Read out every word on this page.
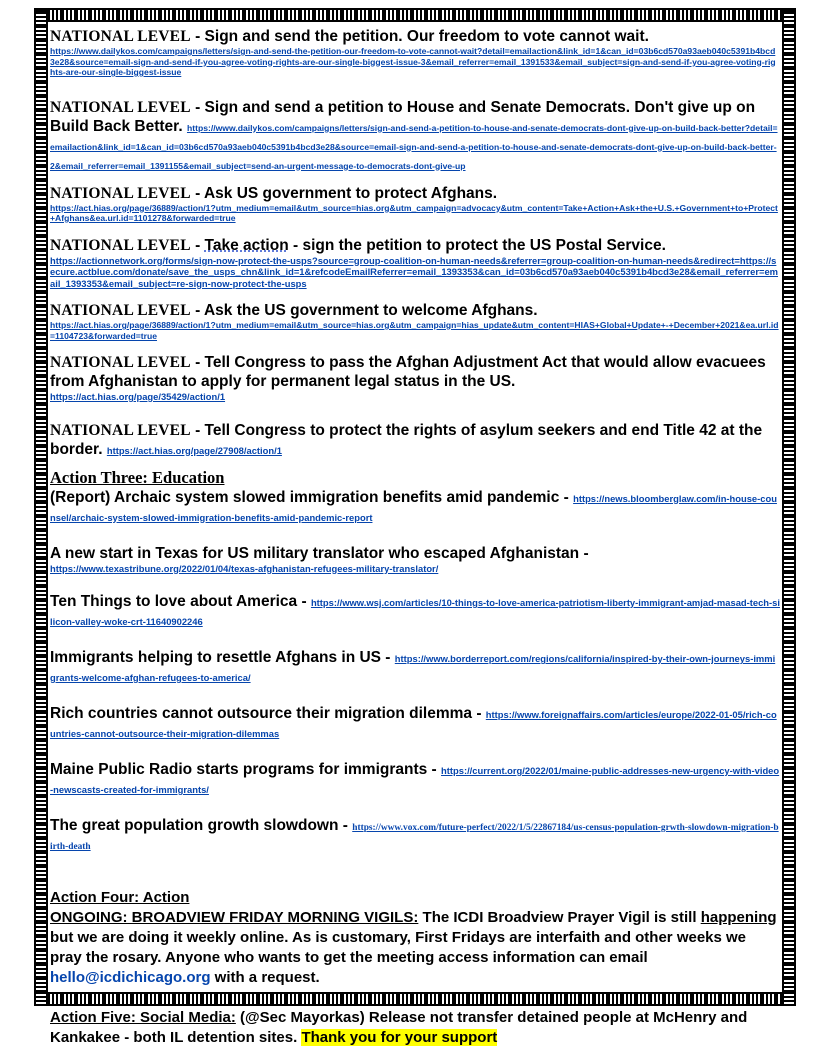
NATIONAL LEVEL - Sign and send the petition. Our freedom to vote cannot wait.
https://www.dailykos.com/campaigns/letters/sign-and-send-the-petition-our-freedom-to-vote-cannot-wait?detail=emailaction&link_id=1&can_id=03b6cd570a93aeb040c5391b4bcd3e28&source=email-sign-and-send-if-you-agree-voting-rights-are-our-single-biggest-issue-3&email_referrer=email_1391533&email_subject=sign-and-send-if-you-agree-voting-rights-are-our-single-biggest-issue
NATIONAL LEVEL - Sign and send a petition to House and Senate Democrats. Don't give up on Build Back Better. https://www.dailykos.com/campaigns/letters/sign-and-send-a-petition-to-house-and-senate-democrats-dont-give-up-on-build-back-better?detail=emailaction&link_id=1&can_id=03b6cd570a93aeb040c5391b4bcd3e28&source=email-sign-and-send-a-petition-to-house-and-senate-democrats-dont-give-up-on-build-back-better-2&email_referrer=email_1391155&email_subject=send-an-urgent-message-to-democrats-dont-give-up
NATIONAL LEVEL - Ask US government to protect Afghans.
https://act.hias.org/page/36889/action/1?utm_medium=email&utm_source=hias.org&utm_campaign=advocacy&utm_content=Take+Action+Ask+the+U.S.+Government+to+Protect+Afghans&ea.url.id=1101278&forwarded=true
NATIONAL LEVEL - Take action - sign the petition to protect the US Postal Service.
https://actionnetwork.org/forms/sign-now-protect-the-usps?source=group-coalition-on-human-needs&referrer=group-coalition-on-human-needs&redirect=https://secure.actblue.com/donate/save_the_usps_chn&link_id=1&refcodeEmailReferrer=email_1393353&can_id=03b6cd570a93aeb040c5391b4bcd3e28&email_referrer=email_1393353&email_subject=re-sign-now-protect-the-usps
NATIONAL LEVEL - Ask the US government to welcome Afghans.
https://act.hias.org/page/36889/action/1?utm_medium=email&utm_source=hias.org&utm_campaign=hias_update&utm_content=HIAS+Global+Update+-+December+2021&ea.url.id=1104723&forwarded=true
NATIONAL LEVEL - Tell Congress to pass the Afghan Adjustment Act that would allow evacuees from Afghanistan to apply for permanent legal status in the US.
https://act.hias.org/page/35429/action/1
NATIONAL LEVEL - Tell Congress to protect the rights of asylum seekers and end Title 42 at the border. https://act.hias.org/page/27908/action/1
Action Three: Education
(Report) Archaic system slowed immigration benefits amid pandemic - https://news.bloomberglaw.com/in-house-counsel/archaic-system-slowed-immigration-benefits-amid-pandemic-report
A new start in Texas for US military translator who escaped Afghanistan -
https://www.texastribune.org/2022/01/04/texas-afghanistan-refugees-military-translator/
Ten Things to love about America - https://www.wsj.com/articles/10-things-to-love-america-patriotism-liberty-immigrant-amjad-masad-tech-silicon-valley-woke-crt-11640902246
Immigrants helping to resettle Afghans in US - https://www.borderreport.com/regions/california/inspired-by-their-own-journeys-immigrants-welcome-afghan-refugees-to-america/
Rich countries cannot outsource their migration dilemma - https://www.foreignaffairs.com/articles/europe/2022-01-05/rich-countries-cannot-outsource-their-migration-dilemmas
Maine Public Radio starts programs for immigrants - https://current.org/2022/01/maine-public-addresses-new-urgency-with-video-newscasts-created-for-immigrants/
The great population growth slowdown - https://www.vox.com/future-perfect/2022/1/5/22867184/us-census-population-grwth-slowdown-migration-birth-death
Action Four: Action
ONGOING: BROADVIEW FRIDAY MORNING VIGILS: The ICDI Broadview Prayer Vigil is still happening but we are doing it weekly online. As is customary, First Fridays are interfaith and other weeks we pray the rosary. Anyone who wants to get the meeting access information can email hello@icdichicago.org with a request.
Action Five: Social Media: (@Sec Mayorkas) Release not transfer detained people at McHenry and Kankakee - both IL detention sites. Thank you for your support
